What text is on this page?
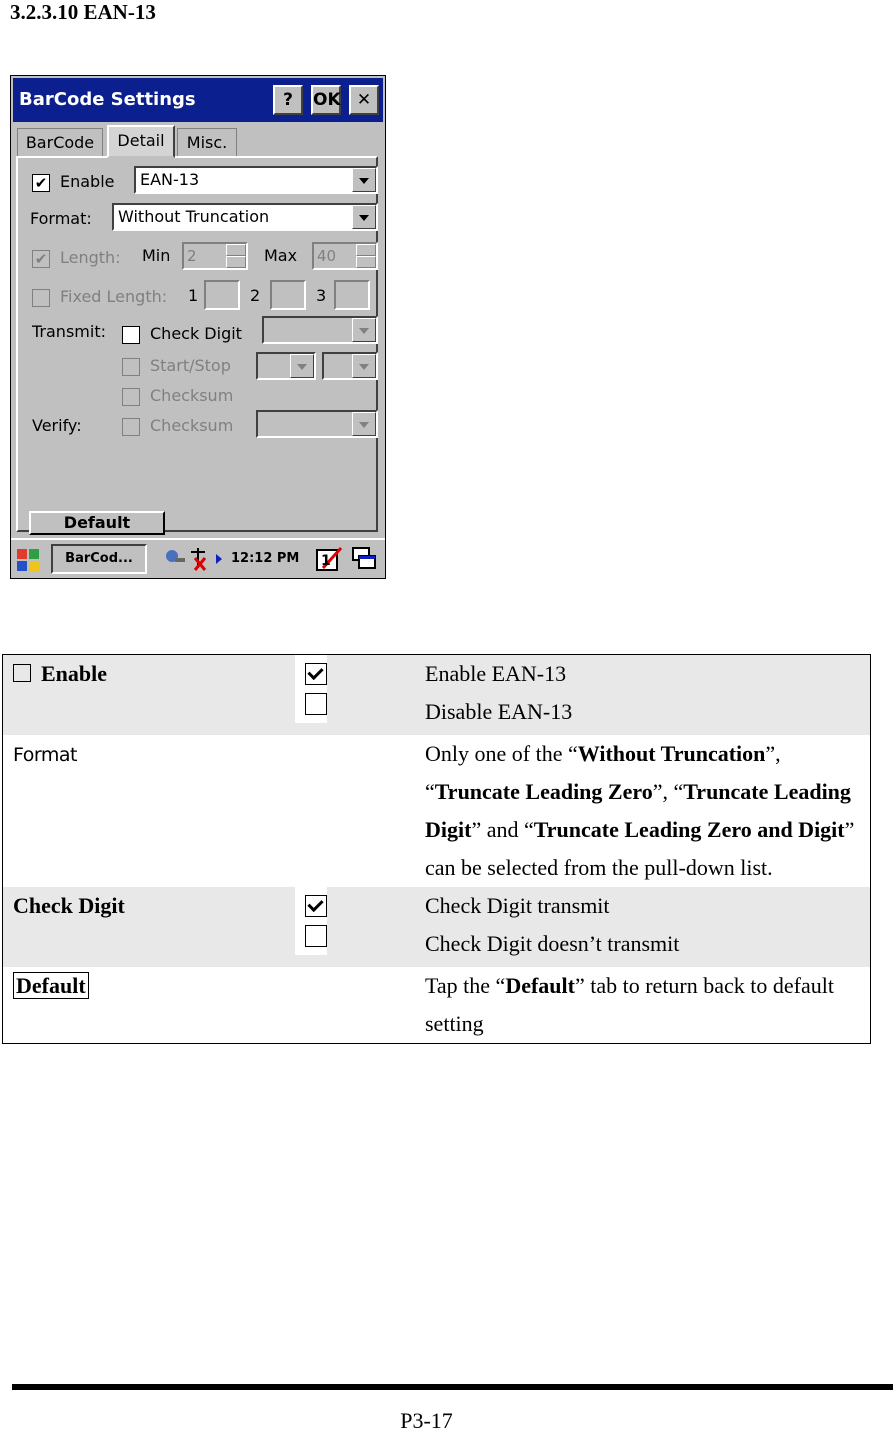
3.2.3.10 EAN-13
BarCode Settings	?	OK ✕
BarCode	Detail	Misc.
✔ Enable	EAN-13
Format:	Without Truncation
✔ Length: Min	2	Max	40
Fixed Length: 1	2	3
Transmit:	Check Digit
Start/Stop
Checksum
Verify:	Checksum
Default
BarCod...	12:12 PM 1
Enable		Enable EAN-13
Disable EAN-13

Format		Only one of the “Without Truncation”, “Truncate Leading Zero”, “Truncate Leading Digit” and “Truncate Leading Zero and Digit” can be selected from the pull-down list.
Check Digit		Check Digit transmit
Check Digit doesn’t transmit

Default		Tap the “Default” tab to return back to default setting
P3-17
